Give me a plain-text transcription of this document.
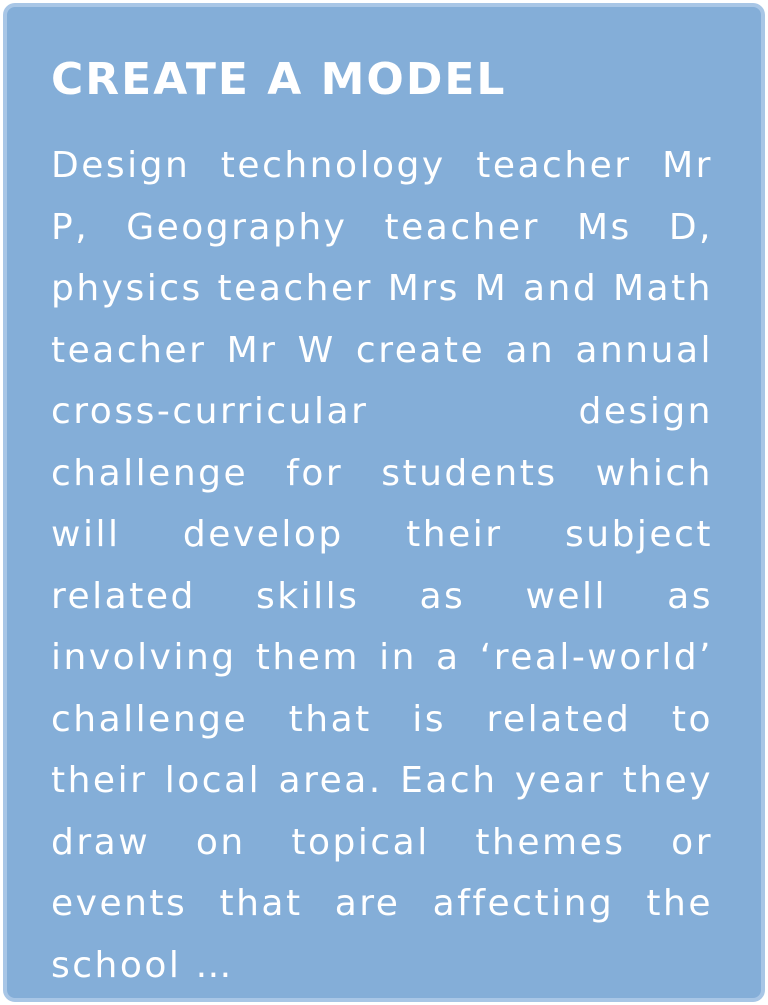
CREATE A MODEL

Design technology teacher Mr P, Geography teacher Ms D, physics teacher Mrs M and Math teacher Mr W create an annual cross-curricular design challenge for students which will develop their subject related skills as well as involving them in a ‘real-world’ challenge that is related to their local area. Each year they draw on topical themes or events that are affecting the school …
